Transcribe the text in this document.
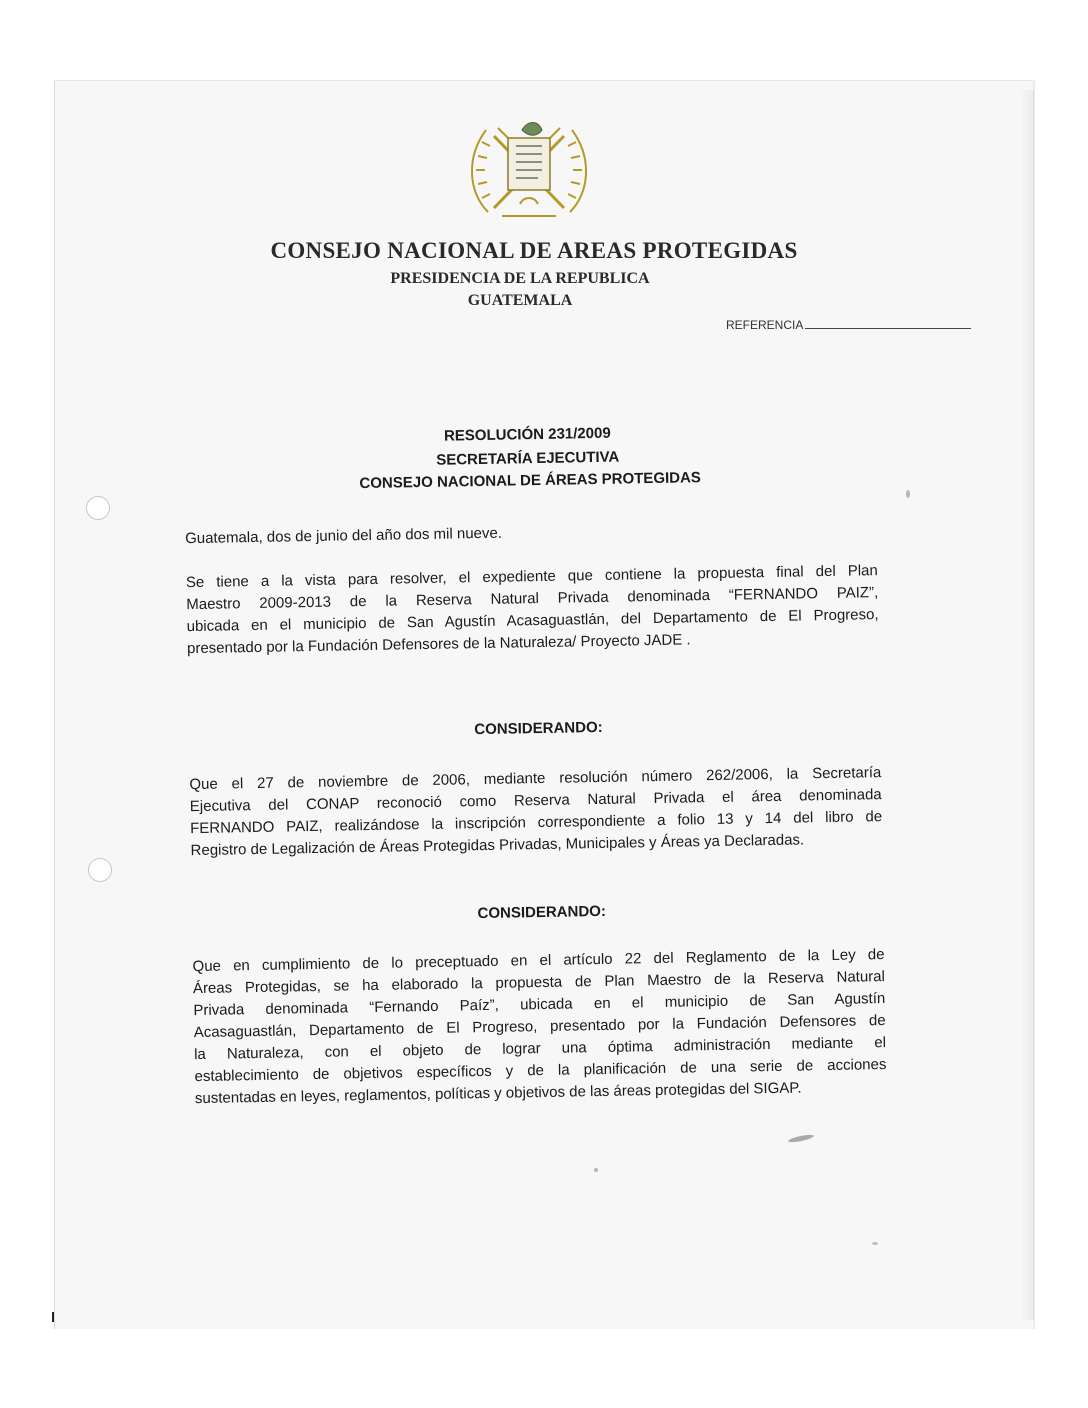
CONSEJO NACIONAL DE AREAS PROTEGIDAS
PRESIDENCIA DE LA REPUBLICA
GUATEMALA
REFERENCIA
RESOLUCIÓN 231/2009
SECRETARÍA EJECUTIVA
CONSEJO NACIONAL DE ÁREAS PROTEGIDAS
Guatemala, dos de junio del año dos mil nueve.
Se tiene a la vista para resolver, el expediente que contiene la propuesta final del Plan
Maestro 2009-2013 de la Reserva Natural Privada denominada “FERNANDO PAIZ”,
ubicada en el municipio de San Agustín Acasaguastlán, del Departamento de El Progreso,
presentado por la Fundación Defensores de la Naturaleza/ Proyecto JADE .
CONSIDERANDO:
Que el 27 de noviembre de 2006, mediante resolución número 262/2006, la Secretaría
Ejecutiva del CONAP reconoció como Reserva Natural Privada el área denominada
FERNANDO PAIZ, realizándose la inscripción correspondiente a folio 13 y 14 del libro de
Registro de Legalización de Áreas Protegidas Privadas, Municipales y Áreas ya Declaradas.
CONSIDERANDO:
Que en cumplimiento de lo preceptuado en el artículo 22 del Reglamento de la Ley de
Áreas Protegidas, se ha elaborado la propuesta de Plan Maestro de la Reserva Natural
Privada denominada “Fernando Paíz”, ubicada en el municipio de San Agustín
Acasaguastlán, Departamento de El Progreso, presentado por la Fundación Defensores de
la Naturaleza, con el objeto de lograr una óptima administración mediante el
establecimiento de objetivos específicos y de la planificación de una serie de acciones
sustentadas en leyes, reglamentos, políticas y objetivos de las áreas protegidas del SIGAP.
